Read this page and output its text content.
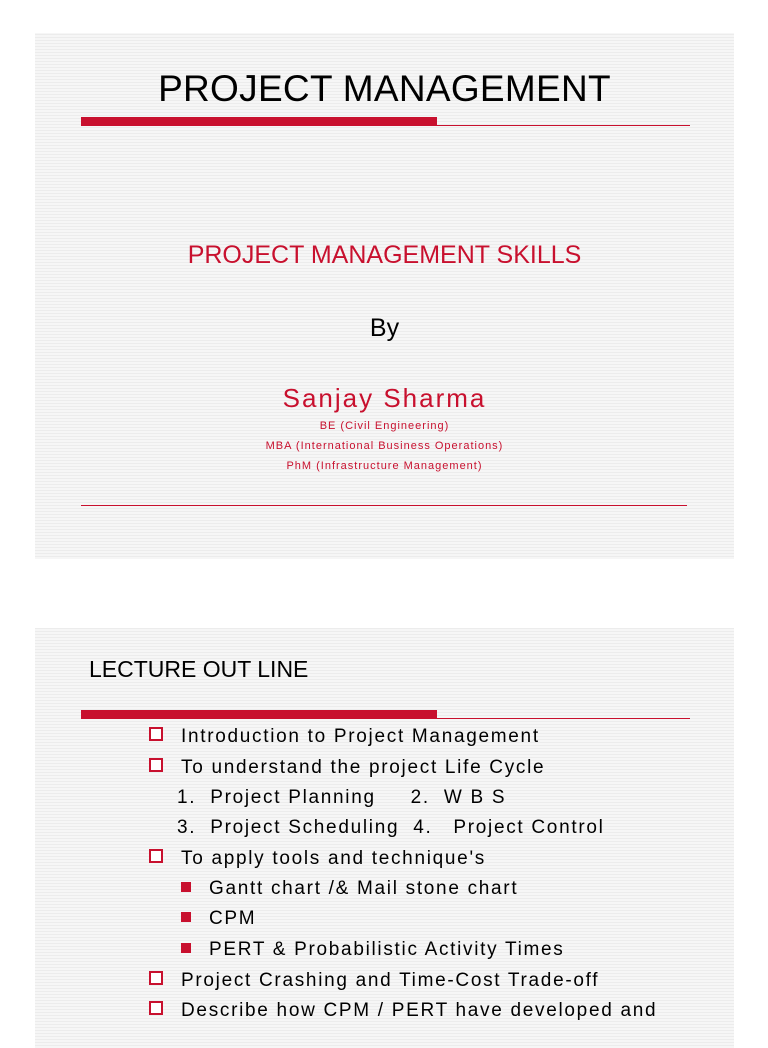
PROJECT MANAGEMENT
PROJECT MANAGEMENT SKILLS
By
Sanjay Sharma
BE (Civil Engineering)
MBA (International Business Operations)
PhM (Infrastructure Management)
LECTURE OUT LINE
Introduction to Project Management
To understand the project Life Cycle
1.  Project Planning     2.  W B S
3.  Project Scheduling  4.   Project Control
To apply tools and technique's
Gantt chart /& Mail stone chart
CPM
PERT & Probabilistic Activity Times
Project Crashing and Time-Cost Trade-off
Describe how CPM / PERT have developed and
